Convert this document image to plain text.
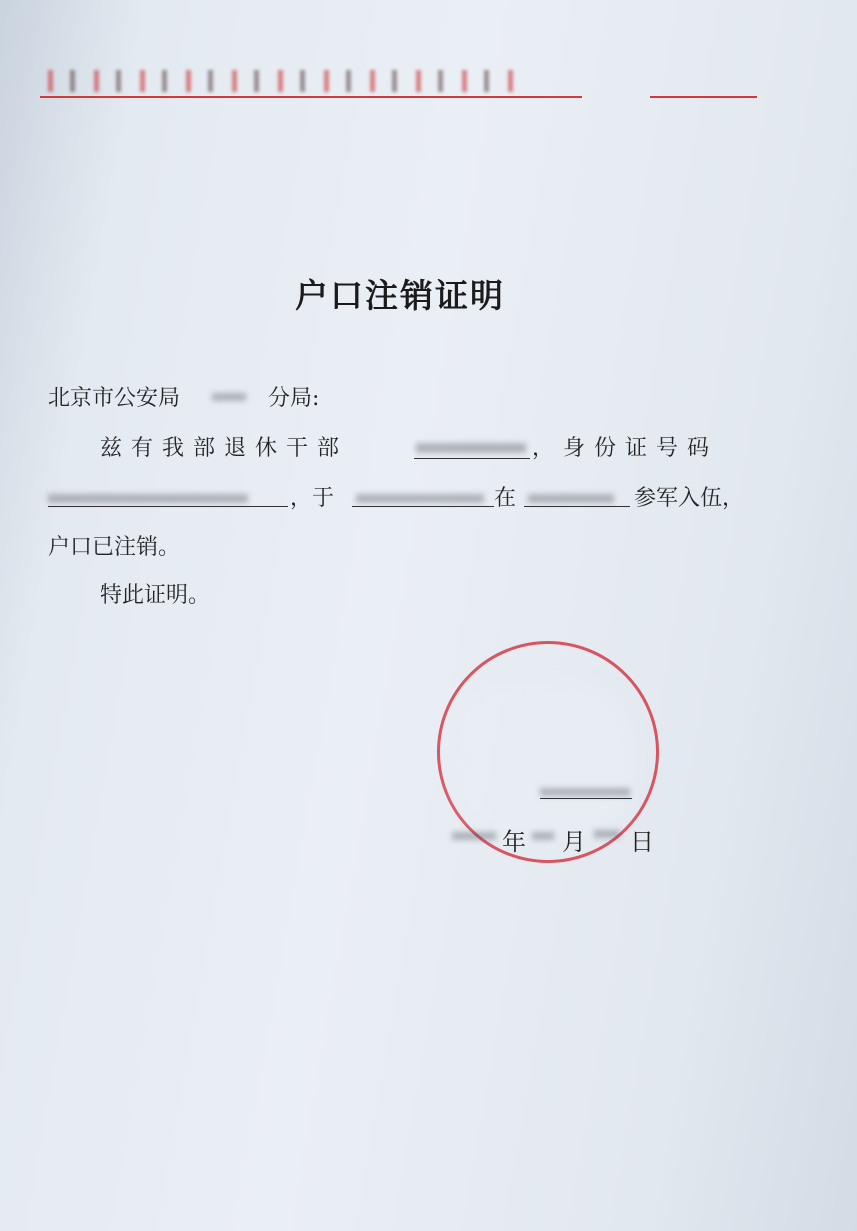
户口注销证明
北京市公安局	分局:
兹有我部退休干部	，身份证号码
，于	在	参军入伍，
户口已注销。
特此证明。
年 月 日
